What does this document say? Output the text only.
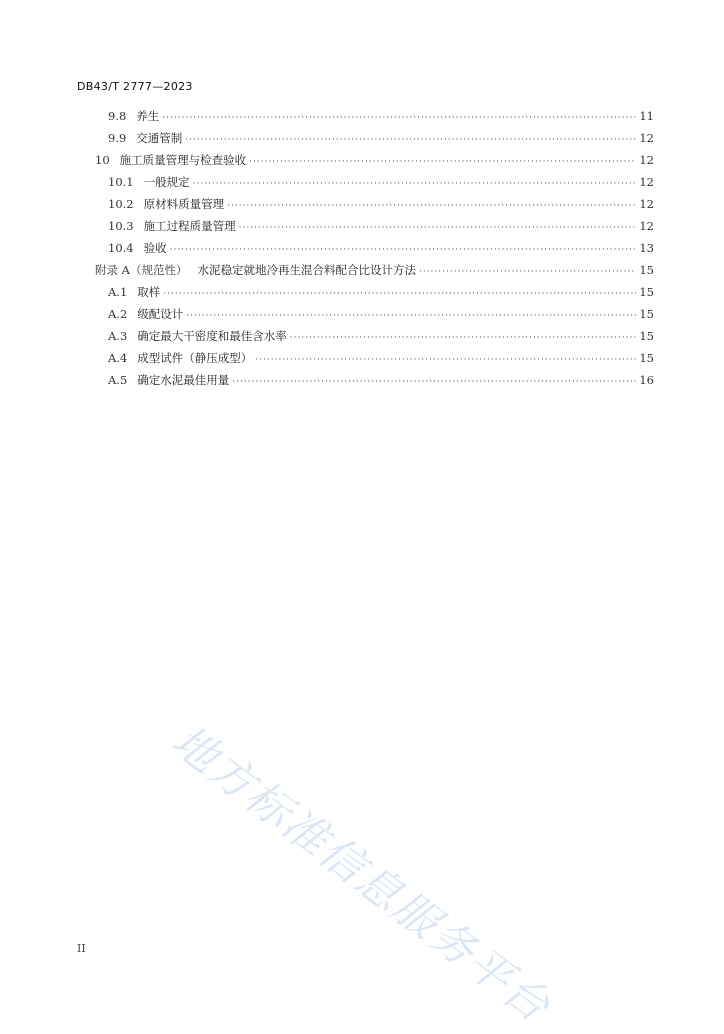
DB43/T 2777—2023
9.8 养生 ·····	11
9.9 交通管制 ·····	12
10 施工质量管理与检查验收 ·····	12
10.1 一般规定 ·····	12
10.2 原材料质量管理 ·····	12
10.3 施工过程质量管理 ·····	12
10.4 验收 ·····	13
附录 A（规范性） 水泥稳定就地冷再生混合料配合比设计方法 ·····	15
A.1 取样 ·····	15
A.2 级配设计 ·····	15
A.3 确定最大干密度和最佳含水率 ·····	15
A.4 成型试件（静压成型） ·····	15
A.5 确定水泥最佳用量 ·····	16
地方标准信息服务平台
II
